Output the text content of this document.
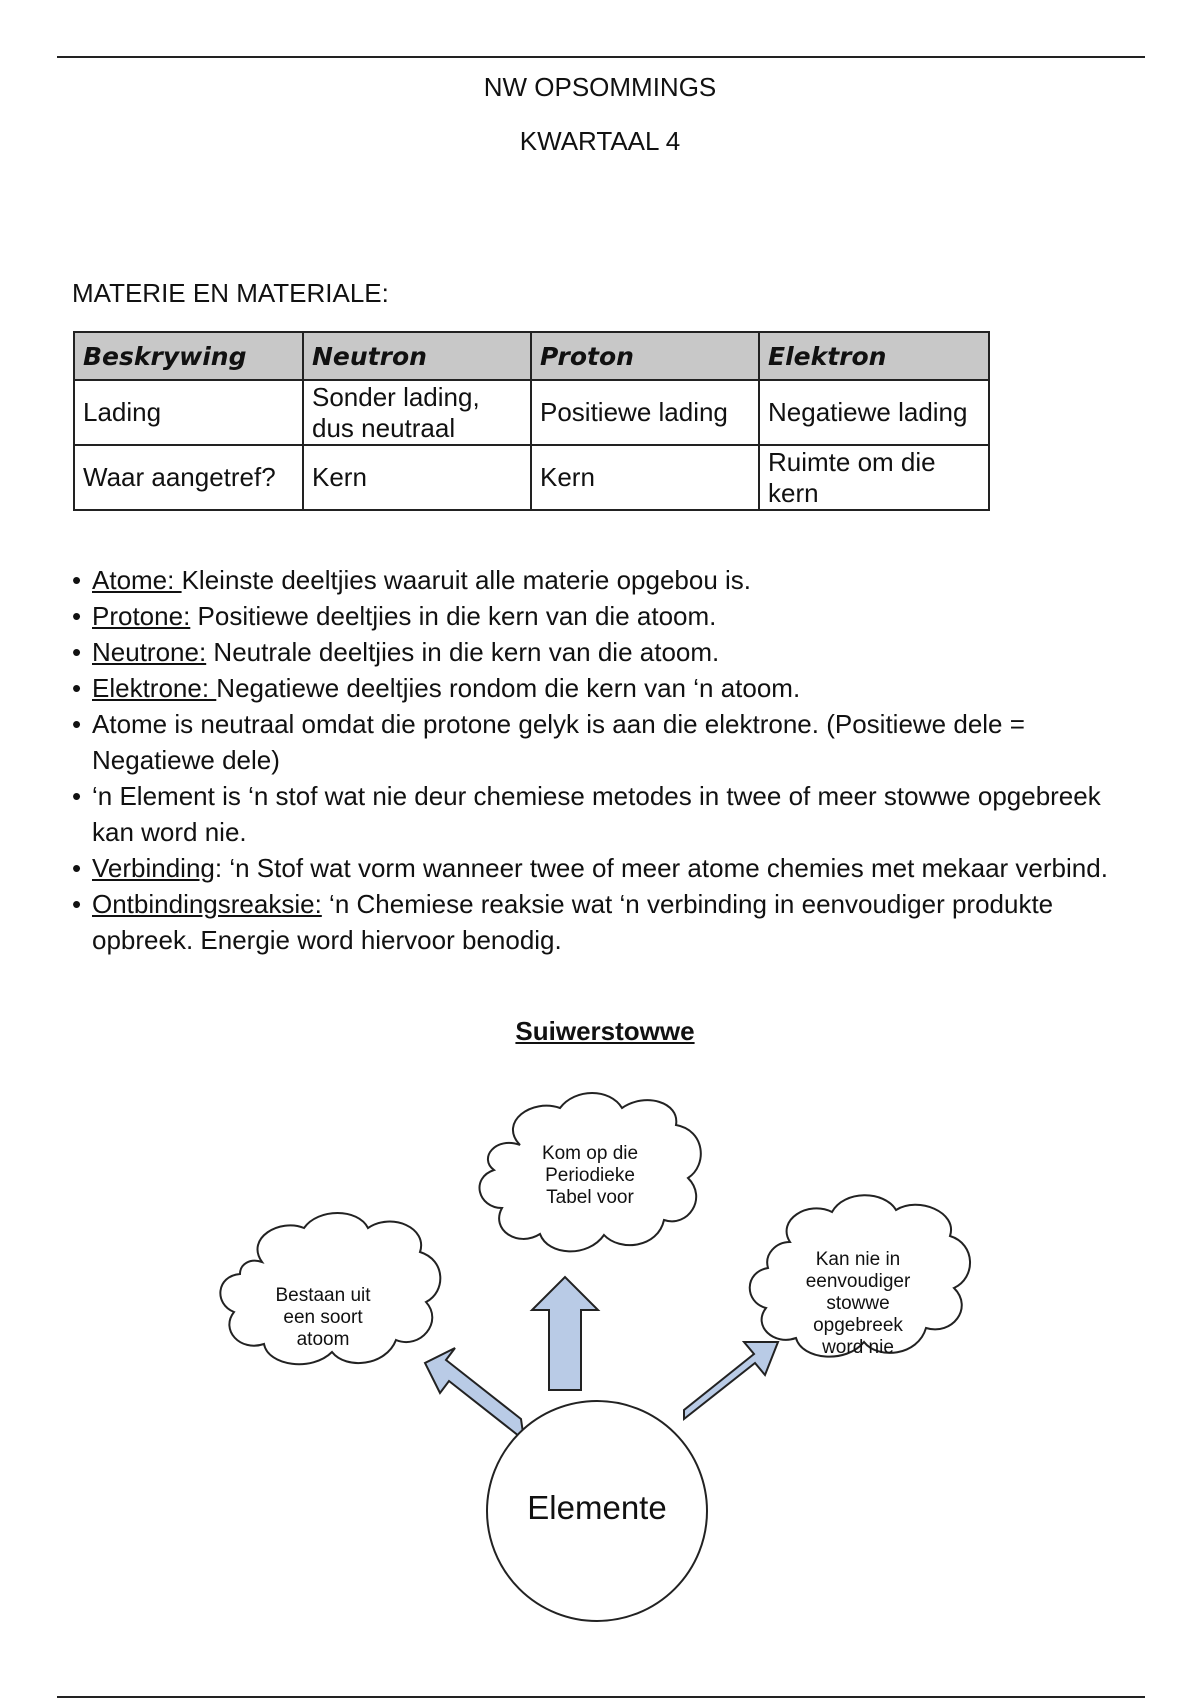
NW OPSOMMINGS
KWARTAAL 4
MATERIE EN MATERIALE:
Beskrywing	Neutron	Proton	Elektron
Lading	Sonder lading, dus neutraal	Positiewe lading	Negatiewe lading
Waar aangetref?	Kern	Kern	Ruimte om die kern
• Atome: Kleinste deeltjies waaruit alle materie opgebou is.
• Protone: Positiewe deeltjies in die kern van die atoom.
• Neutrone: Neutrale deeltjies in die kern van die atoom.
• Elektrone: Negatiewe deeltjies rondom die kern van ‘n atoom.
• Atome is neutraal omdat die protone gelyk is aan die elektrone. (Positiewe dele = Negatiewe dele)
• ‘n Element is ‘n stof wat nie deur chemiese metodes in twee of meer stowwe opgebreek kan word nie.
• Verbinding: ‘n Stof wat vorm wanneer twee of meer atome chemies met mekaar verbind.
• Ontbindingsreaksie: ‘n Chemiese reaksie wat ‘n verbinding in eenvoudiger produkte opbreek. Energie word hiervoor benodig.
Suiwerstowwe
Kom op die
Periodieke
Tabel voor
Bestaan uit
een soort
atoom
Kan nie in
eenvoudiger
stowwe
opgebreek
word nie
Elemente
